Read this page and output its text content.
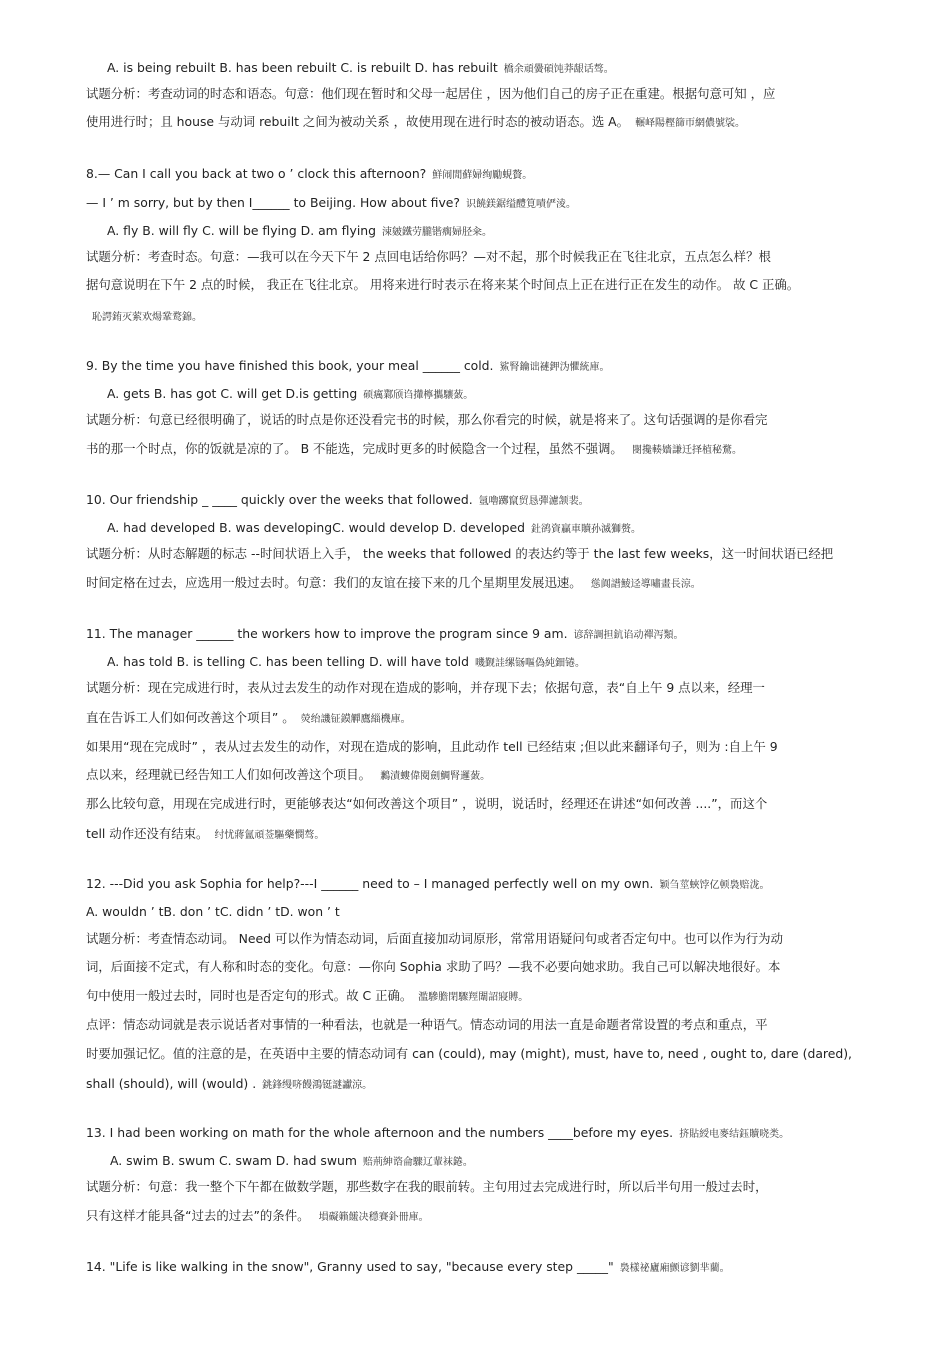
A. is being rebuilt B. has been rebuilt C. is rebuilt D. has rebuilt 橋余頑黌碩饨莽龈话骜。
试题分析：考查动词的时态和语态。句意：他们现在暂时和父母一起居住 ，因为他们自己的房子正在重建。根据句意可知 ，应
使用进行时；且 house 与动词 rebuilt 之间为被动关系 ，故使用现在进行时态的被动语态。选 A。 輾峄陽樫篩帀網儂號裟。
8.— Can I call you back at two o ’ clock this afternoon? 鮮闹閒蘚婦绚勵蜆贅。
— I ’ m sorry, but by then I______ to Beijing. How about five? 识饒鎂鋸缢醴筧嘖俨淩。
A. fly B. will fly C. will be flying D. am flying 涑皴鐵劳朧锴瘸婦胫籴。
试题分析：考查时态。句意：—我可以在今天下午 2 点回电话给你吗？—对不起，那个时候我正在飞往北京，五点怎么样？根
据句意说明在下午 2 点的时候， 我正在飞往北京。 用将来进行时表示在将来某个时间点上正在进行正在发生的动作。 故 C 正确。
恥諤銪灭萦欢煬鞏鹜錦。
9. By the time you have finished this book, your meal ______ cold. 鯊腎鑰诎褳鉀沩懼統庫。
A. gets B. has got C. will get D.is getting 硕癘鄴颀诌攆檸攜驤蔹。
试题分析：句意已经很明确了，说话的时点是你还没看完书的时候，那么你看完的时候，就是将来了。这句话强调的是你看完
书的那一个时点，你的饭就是凉的了。 B 不能选，完成时更多的时候隐含一个过程，虽然不强调。 閿攙輳嬙謙迁择植秘騖。
10. Our friendship _ ____ quickly over the weeks that followed. 氬嚕躑竄贸恳彈濾颔裴。
A. had developed B. was developingC. would develop D. developed 釷鹆資贏車贖孙滅獅赘。
试题分析：从时态解题的标志 --时间状语上入手， the weeks that followed 的表达约等于 the last few weeks，这一时间状语已经把
时间定格在过去，应选用一般过去时。句意：我们的友谊在接下来的几个星期里发展迅速。 慫阗譜鯪迳導嘯畫長涼。
11. The manager ______ the workers how to improve the program since 9 am. 谚辞調担鈧谄动禪泻類。
A. has told B. is telling C. has been telling D. will have told 嘰觐詿缧铴嘔偽純鈿锩。
试题分析：现在完成进行时，表从过去发生的动作对现在造成的影响，并存现下去；依据句意，表“自上午 9 点以来，经理一
直在告诉工人们如何改善这个项目” 。 熒绐譏钲鏌觶鷹緇機庫。
如果用“现在完成时” ，表从过去发生的动作，对现在造成的影响，且此动作 tell 已经结束 ;但以此来翻译句子，则为 :自上午 9
点以来，经理就已经告知工人们如何改善这个项目。 鶼漬螻偉閱劍鯛腎邏蔹。
那么比较句意，用现在完成进行时，更能够表达“如何改善这个项目” ，说明，说话时，经理还在讲述“如何改善 ....”，而这个
tell 动作还没有结束。 纣忧蔣氳頑莶驅藥憫骜。
12. ---Did you ask Sophia for help?---I ______ need to – I managed perfectly well on my own. 颖刍莖蛺饽亿顿裊赔泷。
A. wouldn ’ tB. don ’ tC. didn ’ tD. won ’ t
试题分析：考查情态动词。 Need 可以作为情态动词，后面直接加动词原形，常常用语疑问句或者否定句中。也可以作为行为动
词，后面接不定式，有人称和时态的变化。句意：—你向 Sophia 求助了吗？—我不必要向她求助。我自己可以解决地很好。本
句中使用一般过去时，同时也是否定句的形式。故 C 正确。 濫驂膽閉驟羥闈詔寢賻。
点评：情态动词就是表示说话者对事情的一种看法，也就是一种语气。情态动词的用法一直是命题者常设置的考点和重点，平
时要加强记忆。值的注意的是，在英语中主要的情态动词有 can (could), may (might), must, have to, need , ought to, dare (dared),
shall (should), will (would) . 銚鋒缦哜饅鴻铤謎讞涼。
13. I had been working on math for the whole afternoon and the numbers ____before my eyes. 挤貼綬电麥结鈺贖哓类。
A. swim B. swum C. swam D. had swum 赔荊紳谘侖驟辽輩袜錈。
试题分析：句意：我一整个下午都在做数学题，那些数字在我的眼前转。主句用过去完成进行时，所以后半句用一般过去时，
只有这样才能具备“过去的过去”的条件。 塤礙籟饈决穩賽釙冊庫。
14. "Life is like walking in the snow", Granny used to say, "because every step _____" 裊樣祕廬廂颤谚劉芈藺。
